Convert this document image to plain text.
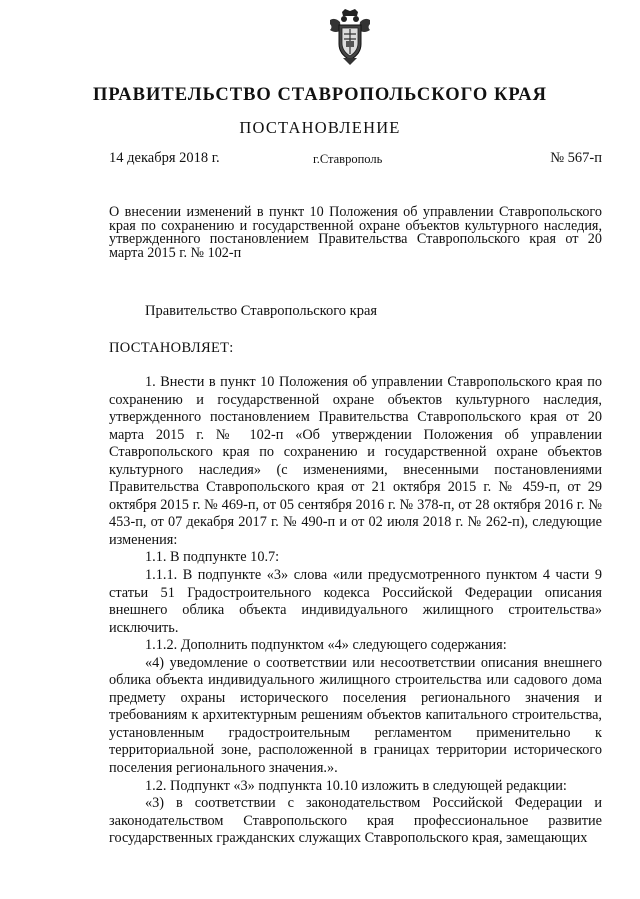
ПРАВИТЕЛЬСТВО СТАВРОПОЛЬСКОГО КРАЯ
ПОСТАНОВЛЕНИЕ
14 декабря 2018 г.	г.Ставрополь	№ 567-п
О внесении изменений в пункт 10 Положения об управлении Ставропольского края по сохранению и государственной охране объектов культурного наследия, утвержденного постановлением Правительства Ставропольского края от 20 марта 2015 г. № 102-п
Правительство Ставропольского края
ПОСТАНОВЛЯЕТ:

1. Внести в пункт 10 Положения об управлении Ставропольского края по сохранению и государственной охране объектов культурного наследия, утвержденного постановлением Правительства Ставропольского края от 20 марта 2015 г. № 102-п «Об утверждении Положения об управлении Ставропольского края по сохранению и государственной охране объектов культурного наследия» (с изменениями, внесенными постановлениями Правительства Ставропольского края от 21 октября 2015 г. № 459-п, от 29 октября 2015 г. № 469-п, от 05 сентября 2016 г. № 378-п, от 28 октября 2016 г. № 453-п, от 07 декабря 2017 г. № 490-п и от 02 июля 2018 г. № 262-п), следующие изменения:

1.1. В подпункте 10.7:

1.1.1. В подпункте «3» слова «или предусмотренного пунктом 4 части 9 статьи 51 Градостроительного кодекса Российской Федерации описания внешнего облика объекта индивидуального жилищного строительства» исключить.

1.1.2. Дополнить подпунктом «4» следующего содержания:

«4) уведомление о соответствии или несоответствии описания внешнего облика объекта индивидуального жилищного строительства или садового дома предмету охраны исторического поселения регионального значения и требованиям к архитектурным решениям объектов капитального строительства, установленным градостроительным регламентом применительно к территориальной зоне, расположенной в границах территории исторического поселения регионального значения.».

1.2. Подпункт «3» подпункта 10.10 изложить в следующей редакции:

«3) в соответствии с законодательством Российской Федерации и законодательством Ставропольского края профессиональное развитие государственных гражданских служащих Ставропольского края, замещающих
